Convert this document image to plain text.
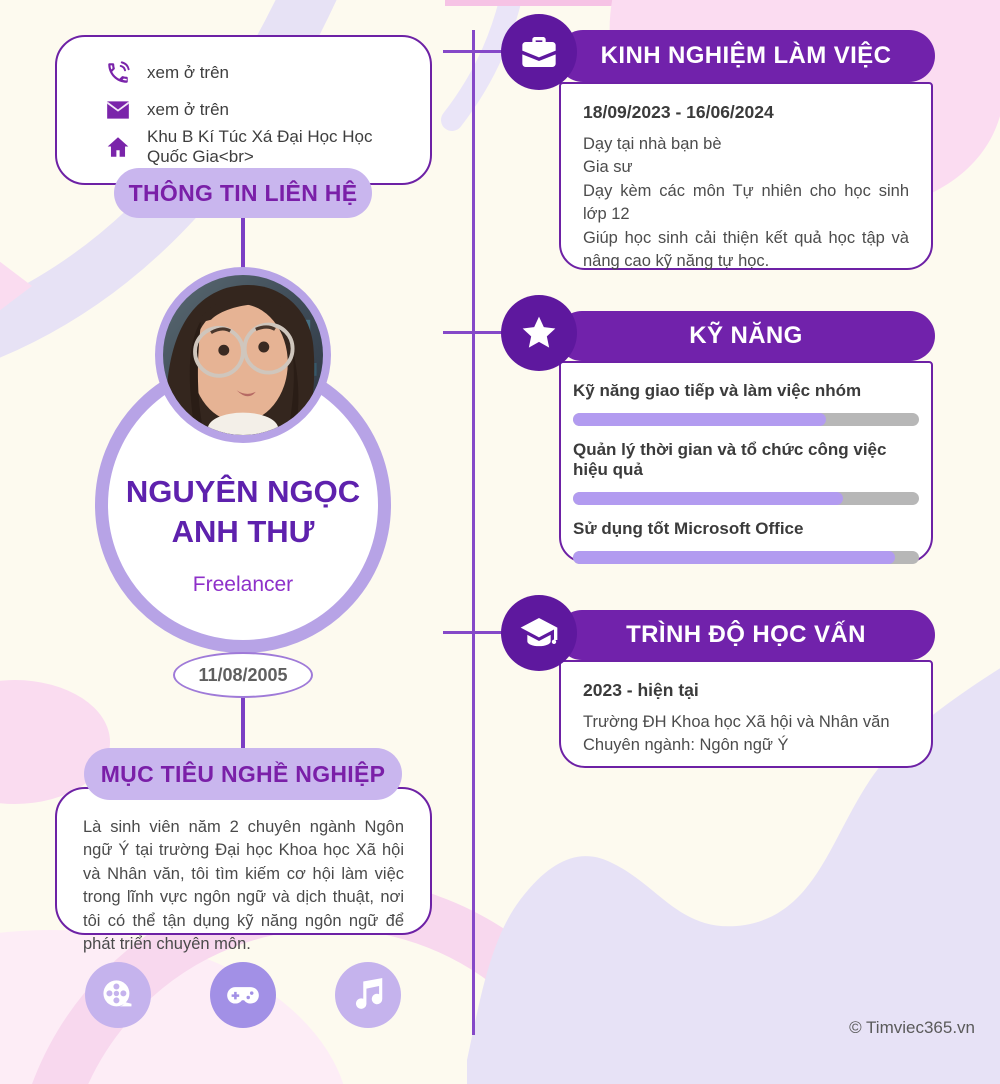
xem ở trên
xem ở trên
Khu B Kí Túc Xá Đại Học Học Quốc Gia<br>
THÔNG TIN LIÊN HỆ
NGUYÊN NGỌC
ANH THƯ
Freelancer
11/08/2005
MỤC TIÊU NGHỀ NGHIỆP
Là sinh viên năm 2 chuyên ngành Ngôn ngữ Ý tại trường Đại học Khoa học Xã hội và Nhân văn, tôi tìm kiếm cơ hội làm việc trong lĩnh vực ngôn ngữ và dịch thuật, nơi tôi có thể tận dụng kỹ năng ngôn ngữ để phát triển chuyên môn.
KINH NGHIỆM LÀM VIỆC
18/09/2023 - 16/06/2024
Dạy tại nhà bạn bè
Gia sư
Dạy kèm các môn Tự nhiên cho học sinh lớp 12
Giúp học sinh cải thiện kết quả học tập và nâng cao kỹ năng tự học.
KỸ NĂNG
Kỹ năng giao tiếp và làm việc nhóm
Quản lý thời gian và tổ chức công việc hiệu quả
Sử dụng tốt Microsoft Office
TRÌNH ĐỘ HỌC VẤN
2023 - hiện tại
Trường ĐH Khoa học Xã hội và Nhân văn
Chuyên ngành: Ngôn ngữ Ý
© Timviec365.vn
